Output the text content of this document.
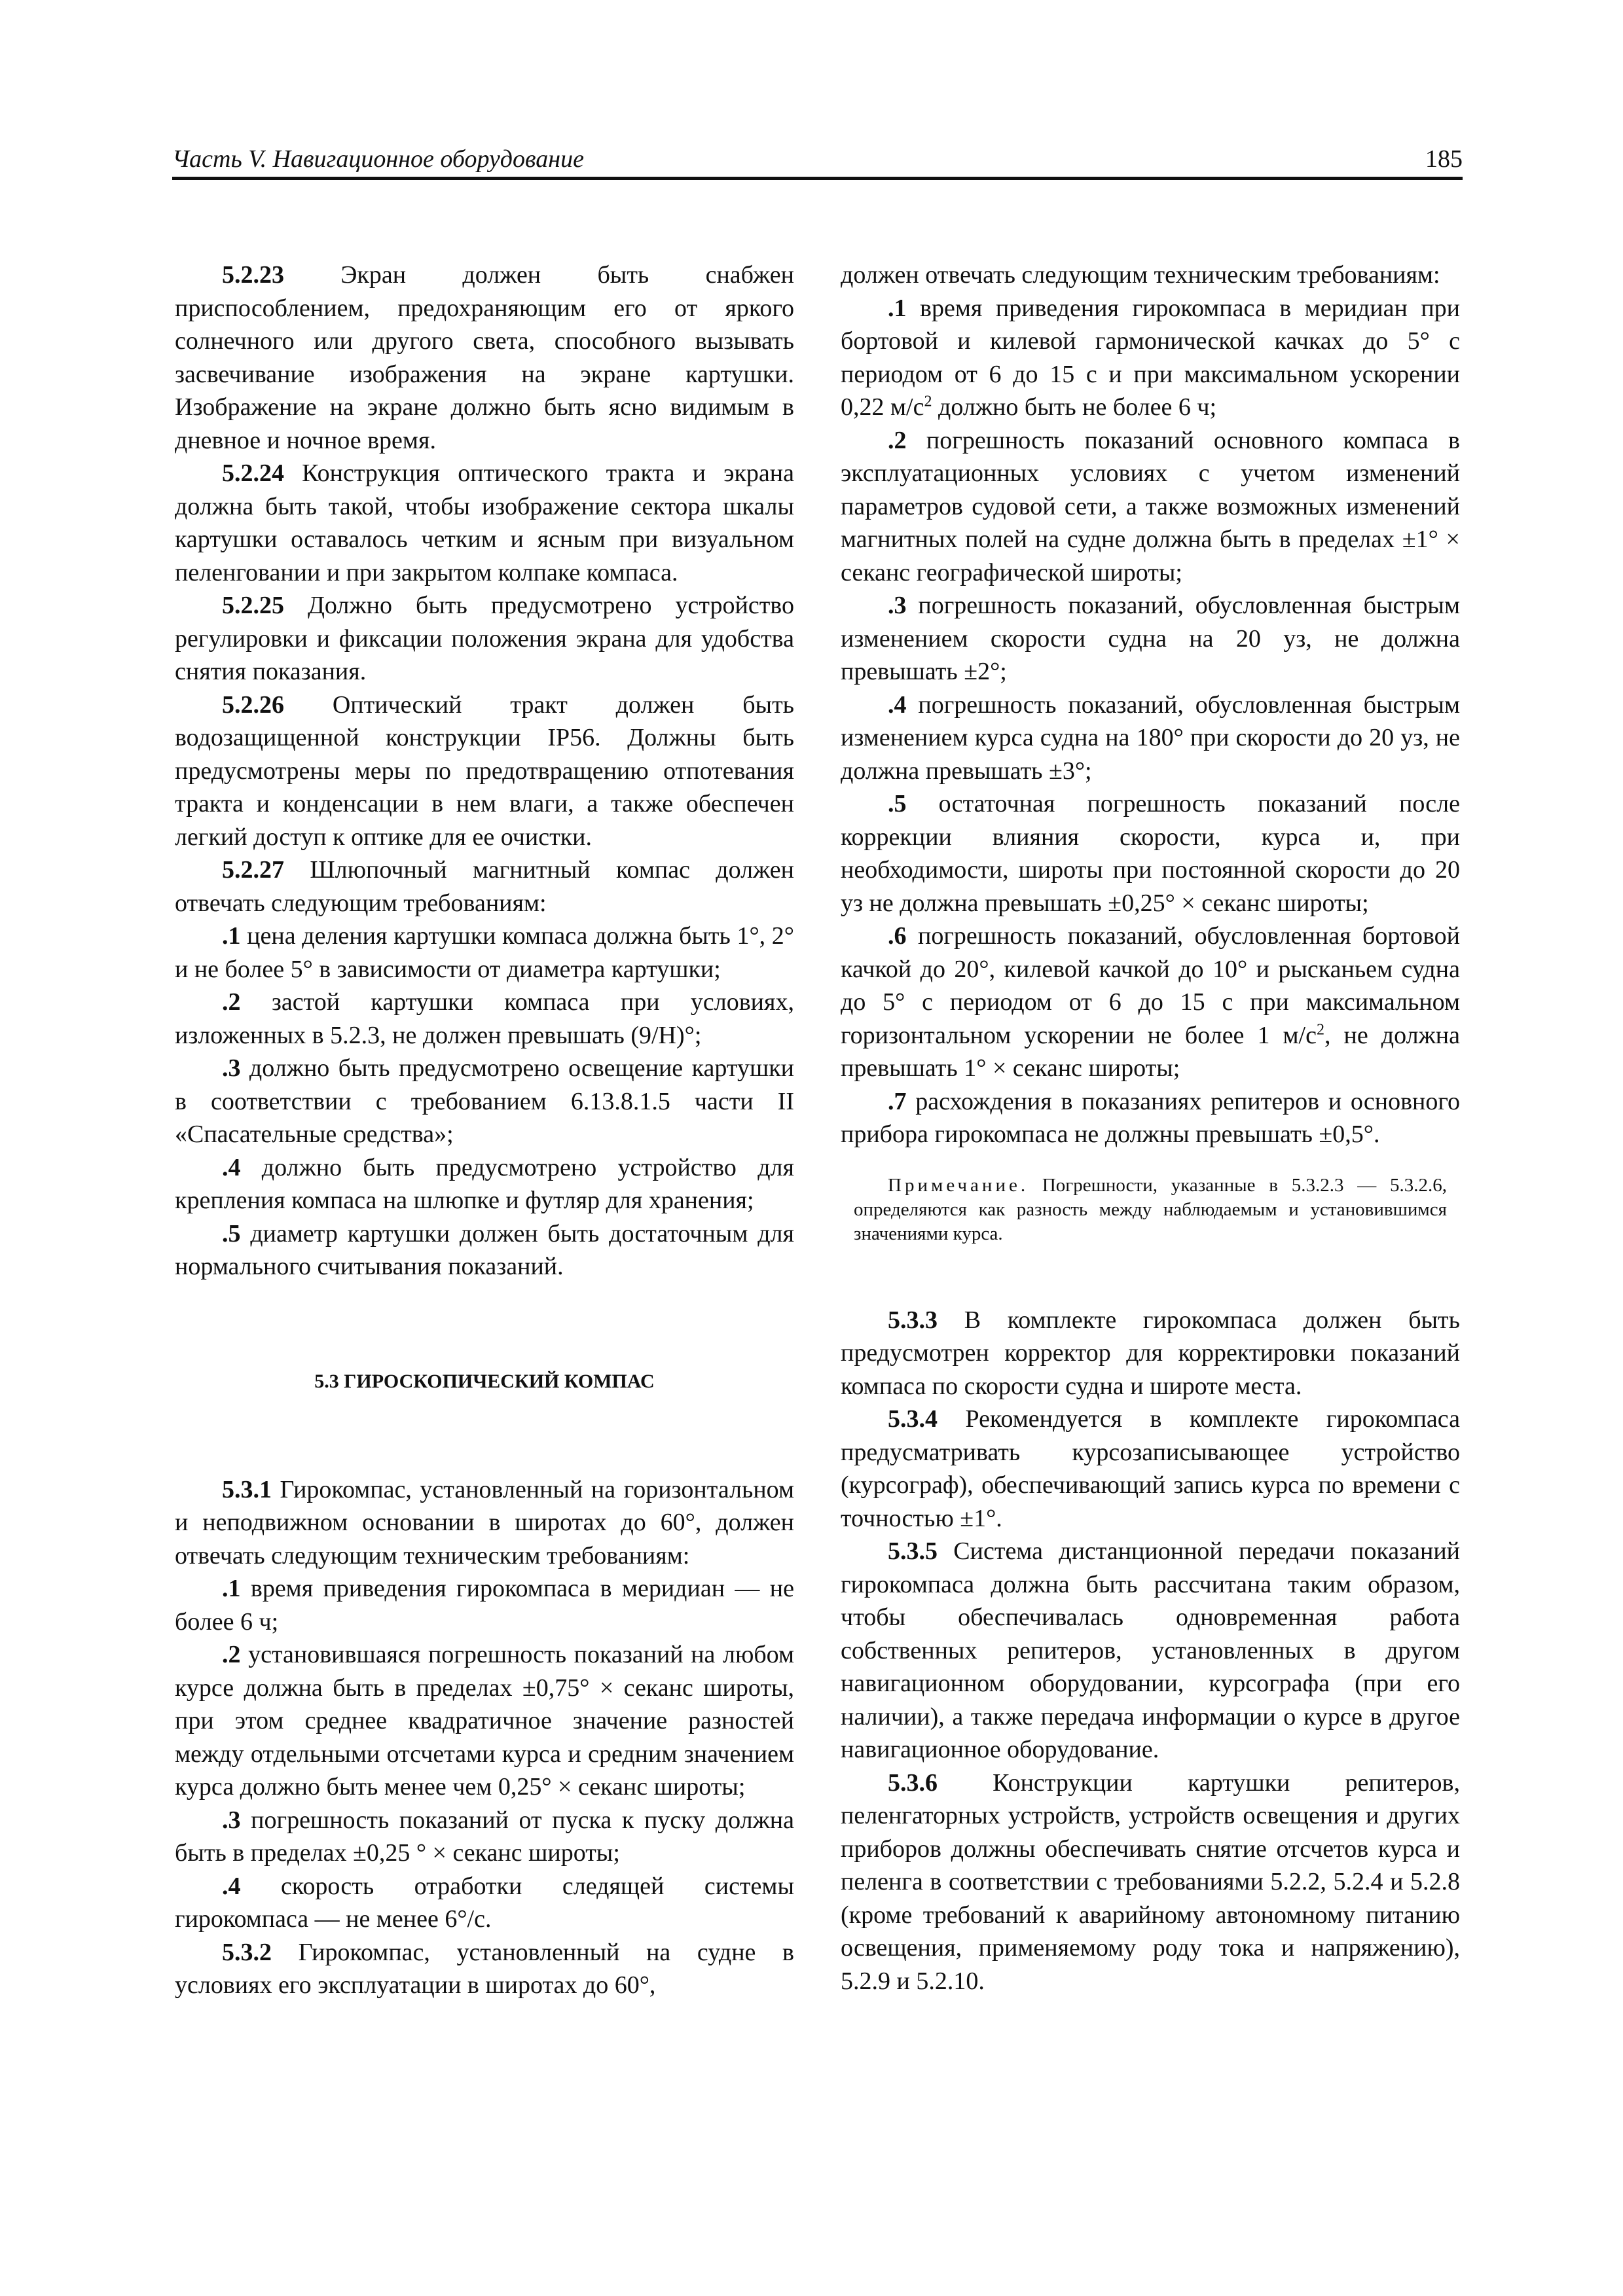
Часть V. Навигационное оборудование	185

5.2.23 Экран должен быть снабжен приспособлением, предохраняющим его от яркого солнечного или другого света, способного вызывать засвечивание изображения на экране картушки. Изображение на экране должно быть ясно видимым в дневное и ночное время.

5.2.24 Конструкция оптического тракта и экрана должна быть такой, чтобы изображение сектора шкалы картушки оставалось четким и ясным при визуальном пеленговании и при закрытом колпаке компаса.

5.2.25 Должно быть предусмотрено устройство регулировки и фиксации положения экрана для удобства снятия показания.

5.2.26 Оптический тракт должен быть водозащищенной конструкции IP56. Должны быть предусмотрены меры по предотвращению отпотевания тракта и конденсации в нем влаги, а также обеспечен легкий доступ к оптике для ее очистки.

5.2.27 Шлюпочный магнитный компас должен отвечать следующим требованиям:

.1 цена деления картушки компаса должна быть 1°, 2° и не более 5° в зависимости от диаметра картушки;

.2 застой картушки компаса при условиях, изложенных в 5.2.3, не должен превышать (9/H)°;

.3 должно быть предусмотрено освещение картушки в соответствии с требованием 6.13.8.1.5 части II «Спасательные средства»;

.4 должно быть предусмотрено устройство для крепления компаса на шлюпке и футляр для хранения;

.5 диаметр картушки должен быть достаточным для нормального считывания показаний.

5.3 ГИРОСКОПИЧЕСКИЙ КОМПАС

5.3.1 Гирокомпас, установленный на горизонтальном и неподвижном основании в широтах до 60°, должен отвечать следующим техническим требованиям:

.1 время приведения гирокомпаса в меридиан — не более 6 ч;

.2 установившаяся погрешность показаний на любом курсе должна быть в пределах ±0,75° × секанс широты, при этом среднее квадратичное значение разностей между отдельными отсчетами курса и средним значением курса должно быть менее чем 0,25° × секанс широты;

.3 погрешность показаний от пуска к пуску должна быть в пределах ±0,25 ° × секанс широты;

.4 скорость отработки следящей системы гирокомпаса — не менее 6°/с.

5.3.2 Гирокомпас, установленный на судне в условиях его эксплуатации в широтах до 60°,

должен отвечать следующим техническим требованиям:

.1 время приведения гирокомпаса в меридиан при бортовой и килевой гармонической качках до 5° с периодом от 6 до 15 с и при максимальном ускорении 0,22 $м/с^2$ должно быть не более 6 ч;

.2 погрешность показаний основного компаса в эксплуатационных условиях с учетом изменений параметров судовой сети, а также возможных изменений магнитных полей на судне должна быть в пределах ±1° × секанс географической широты;

.3 погрешность показаний, обусловленная быстрым изменением скорости судна на 20 уз, не должна превышать ±2°;

.4 погрешность показаний, обусловленная быстрым изменением курса судна на 180° при скорости до 20 уз, не должна превышать ±3°;

.5 остаточная погрешность показаний после коррекции влияния скорости, курса и, при необходимости, широты при постоянной скорости до 20 уз не должна превышать ±0,25° × секанс широты;

.6 погрешность показаний, обусловленная бортовой качкой до 20°, килевой качкой до 10° и рысканьем судна до 5° с периодом от 6 до 15 с при максимальном горизонтальном ускорении не более 1 $м/с^2$, не должна превышать 1° × секанс широты;

.7 расхождения в показаниях репитеров и основного прибора гирокомпаса не должны превышать ±0,5°.

Примечание. Погрешности, указанные в 5.3.2.3 — 5.3.2.6, определяются как разность между наблюдаемым и установившимся значениями курса.

5.3.3 В комплекте гирокомпаса должен быть предусмотрен корректор для корректировки показаний компаса по скорости судна и широте места.

5.3.4 Рекомендуется в комплекте гирокомпаса предусматривать курсозаписывающее устройство (курсограф), обеспечивающий запись курса по времени с точностью ±1°.

5.3.5 Система дистанционной передачи показаний гирокомпаса должна быть рассчитана таким образом, чтобы обеспечивалась одновременная работа собственных репитеров, установленных в другом навигационном оборудовании, курсографа (при его наличии), а также передача информации о курсе в другое навигационное оборудование.

5.3.6 Конструкции картушки репитеров, пеленгаторных устройств, устройств освещения и других приборов должны обеспечивать снятие отсчетов курса и пеленга в соответствии с требованиями 5.2.2, 5.2.4 и 5.2.8 (кроме требований к аварийному автономному питанию освещения, применяемому роду тока и напряжению), 5.2.9 и 5.2.10.
